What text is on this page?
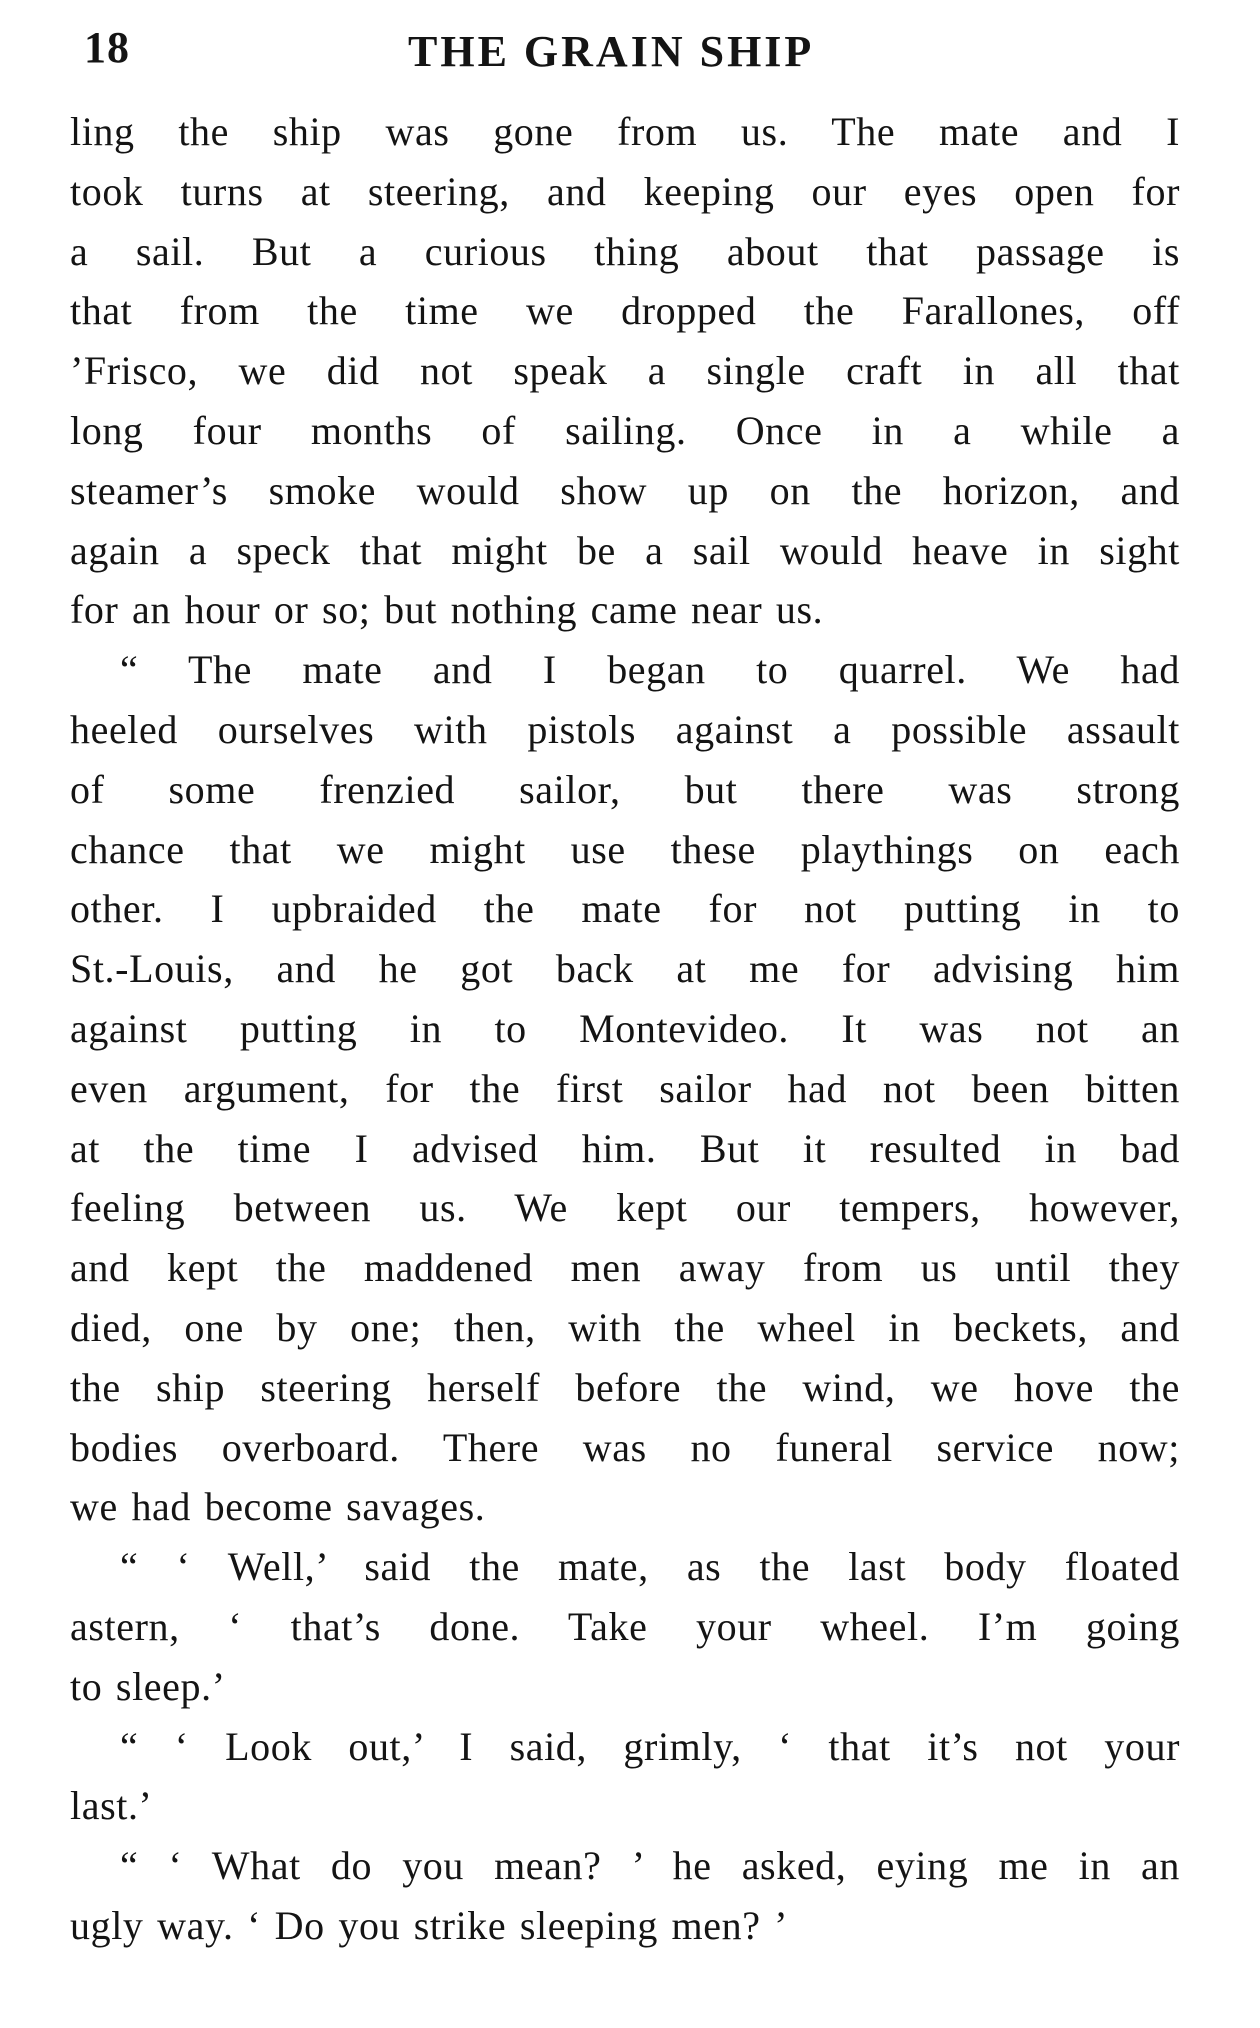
18	THE GRAIN SHIP
ling the ship was gone from us. The mate and I
took turns at steering, and keeping our eyes open for
a sail. But a curious thing about that passage is
that from the time we dropped the Farallones, off
’Frisco, we did not speak a single craft in all that
long four months of sailing. Once in a while a
steamer’s smoke would show up on the horizon, and
again a speck that might be a sail would heave in sight
for an hour or so; but nothing came near us.
“ The mate and I began to quarrel. We had
heeled ourselves with pistols against a possible assault
of some frenzied sailor, but there was strong
chance that we might use these playthings on each
other. I upbraided the mate for not putting in to
St.-Louis, and he got back at me for advising him
against putting in to Montevideo. It was not an
even argument, for the first sailor had not been bitten
at the time I advised him. But it resulted in bad
feeling between us. We kept our tempers, however,
and kept the maddened men away from us until they
died, one by one; then, with the wheel in beckets, and
the ship steering herself before the wind, we hove the
bodies overboard. There was no funeral service now;
we had become savages.
“ ‘ Well,’ said the mate, as the last body floated
astern, ‘ that’s done. Take your wheel. I’m going
to sleep.’
“ ‘ Look out,’ I said, grimly, ‘ that it’s not your
last.’
“ ‘ What do you mean? ’ he asked, eying me in an
ugly way. ‘ Do you strike sleeping men? ’
